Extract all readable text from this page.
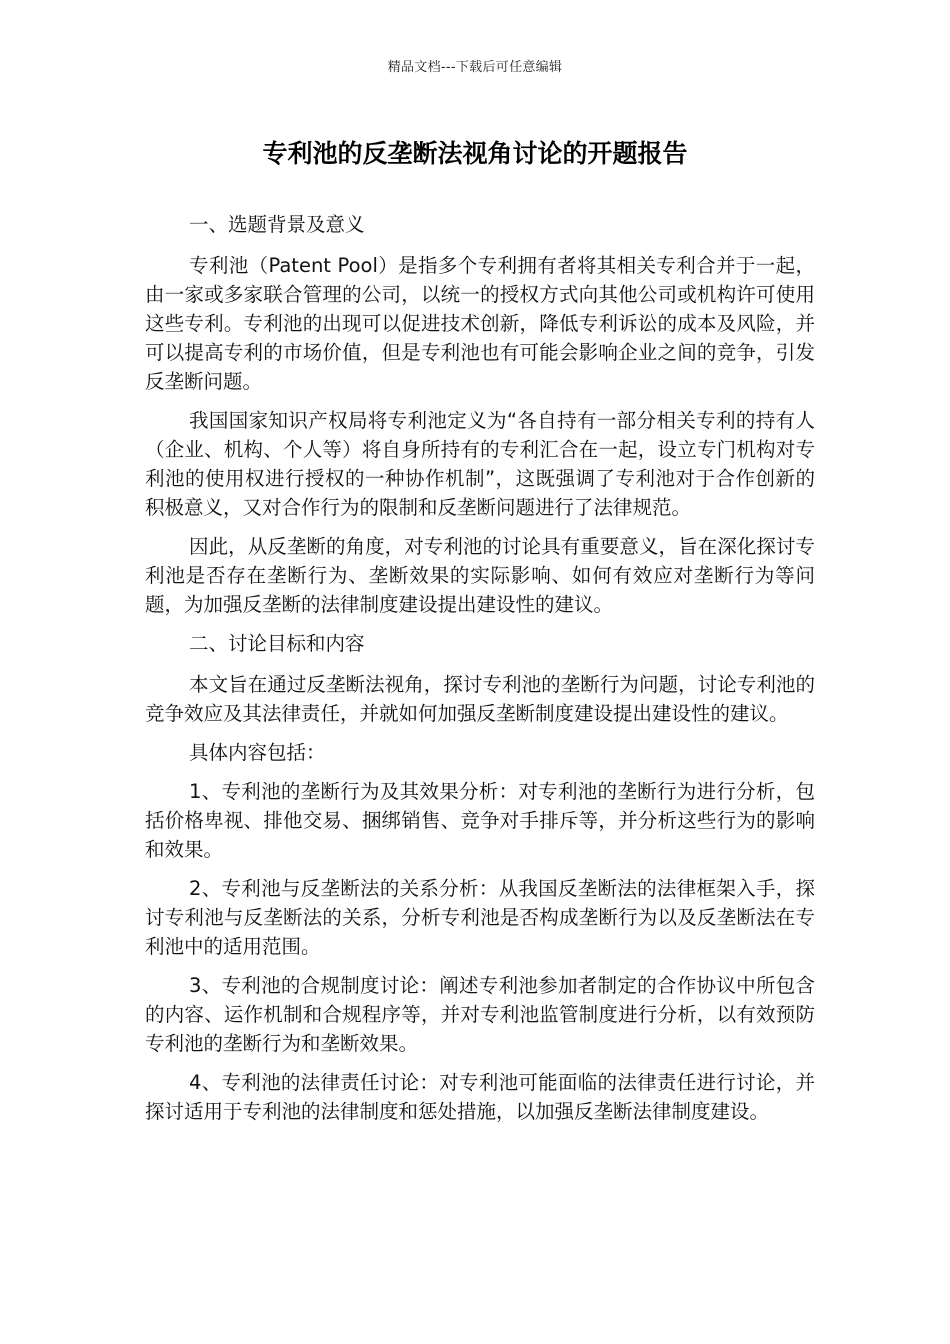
精品文档---下载后可任意编辑
专利池的反垄断法视角讨论的开题报告

一、选题背景及意义

专利池（Patent Pool）是指多个专利拥有者将其相关专利合并于一起，由一家或多家联合管理的公司，以统一的授权方式向其他公司或机构许可使用这些专利。专利池的出现可以促进技术创新，降低专利诉讼的成本及风险，并可以提高专利的市场价值，但是专利池也有可能会影响企业之间的竞争，引发反垄断问题。

我国国家知识产权局将专利池定义为“各自持有一部分相关专利的持有人（企业、机构、个人等）将自身所持有的专利汇合在一起，设立专门机构对专利池的使用权进行授权的一种协作机制”，这既强调了专利池对于合作创新的积极意义，又对合作行为的限制和反垄断问题进行了法律规范。

因此，从反垄断的角度，对专利池的讨论具有重要意义，旨在深化探讨专利池是否存在垄断行为、垄断效果的实际影响、如何有效应对垄断行为等问题，为加强反垄断的法律制度建设提出建设性的建议。

二、讨论目标和内容

本文旨在通过反垄断法视角，探讨专利池的垄断行为问题，讨论专利池的竞争效应及其法律责任，并就如何加强反垄断制度建设提出建设性的建议。

具体内容包括：

1、专利池的垄断行为及其效果分析：对专利池的垄断行为进行分析，包括价格卑视、排他交易、捆绑销售、竞争对手排斥等，并分析这些行为的影响和效果。

2、专利池与反垄断法的关系分析：从我国反垄断法的法律框架入手，探讨专利池与反垄断法的关系，分析专利池是否构成垄断行为以及反垄断法在专利池中的适用范围。

3、专利池的合规制度讨论：阐述专利池参加者制定的合作协议中所包含的内容、运作机制和合规程序等，并对专利池监管制度进行分析，以有效预防专利池的垄断行为和垄断效果。

4、专利池的法律责任讨论：对专利池可能面临的法律责任进行讨论，并探讨适用于专利池的法律制度和惩处措施，以加强反垄断法律制度建设。
